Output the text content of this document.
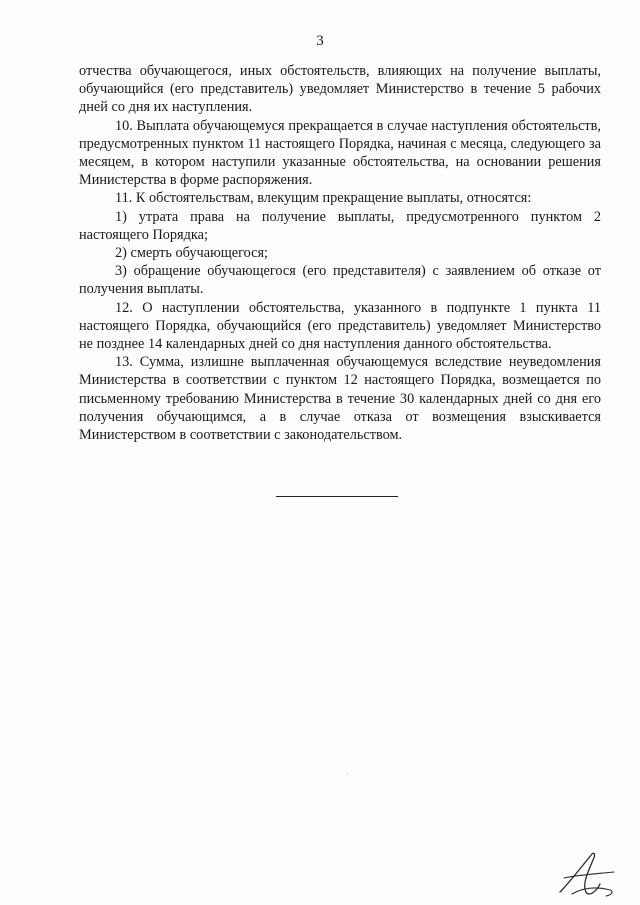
3

отчества обучающегося, иных обстоятельств, влияющих на получение выплаты, обучающийся (его представитель) уведомляет Министерство в течение 5 рабочих дней со дня их наступления.

10. Выплата обучающемуся прекращается в случае наступления обстоятельств, предусмотренных пунктом 11 настоящего Порядка, начиная с месяца, следующего за месяцем, в котором наступили указанные обстоятельства, на основании решения Министерства в форме распоряжения.

11. К обстоятельствам, влекущим прекращение выплаты, относятся:

1) утрата права на получение выплаты, предусмотренного пунктом 2 настоящего Порядка;

2) смерть обучающегося;

3) обращение обучающегося (его представителя) с заявлением об отказе от получения выплаты.

12. О наступлении обстоятельства, указанного в подпункте 1 пункта 11 настоящего Порядка, обучающийся (его представитель) уведомляет Министерство не позднее 14 календарных дней со дня наступления данного обстоятельства.

13. Сумма, излишне выплаченная обучающемуся вследствие неуведомления Министерства в соответствии с пунктом 12 настоящего Порядка, возмещается по письменному требованию Министерства в течение 30 календарных дней со дня его получения обучающимся, а в случае отказа от возмещения взыскивается Министерством в соответствии с законодательством.
